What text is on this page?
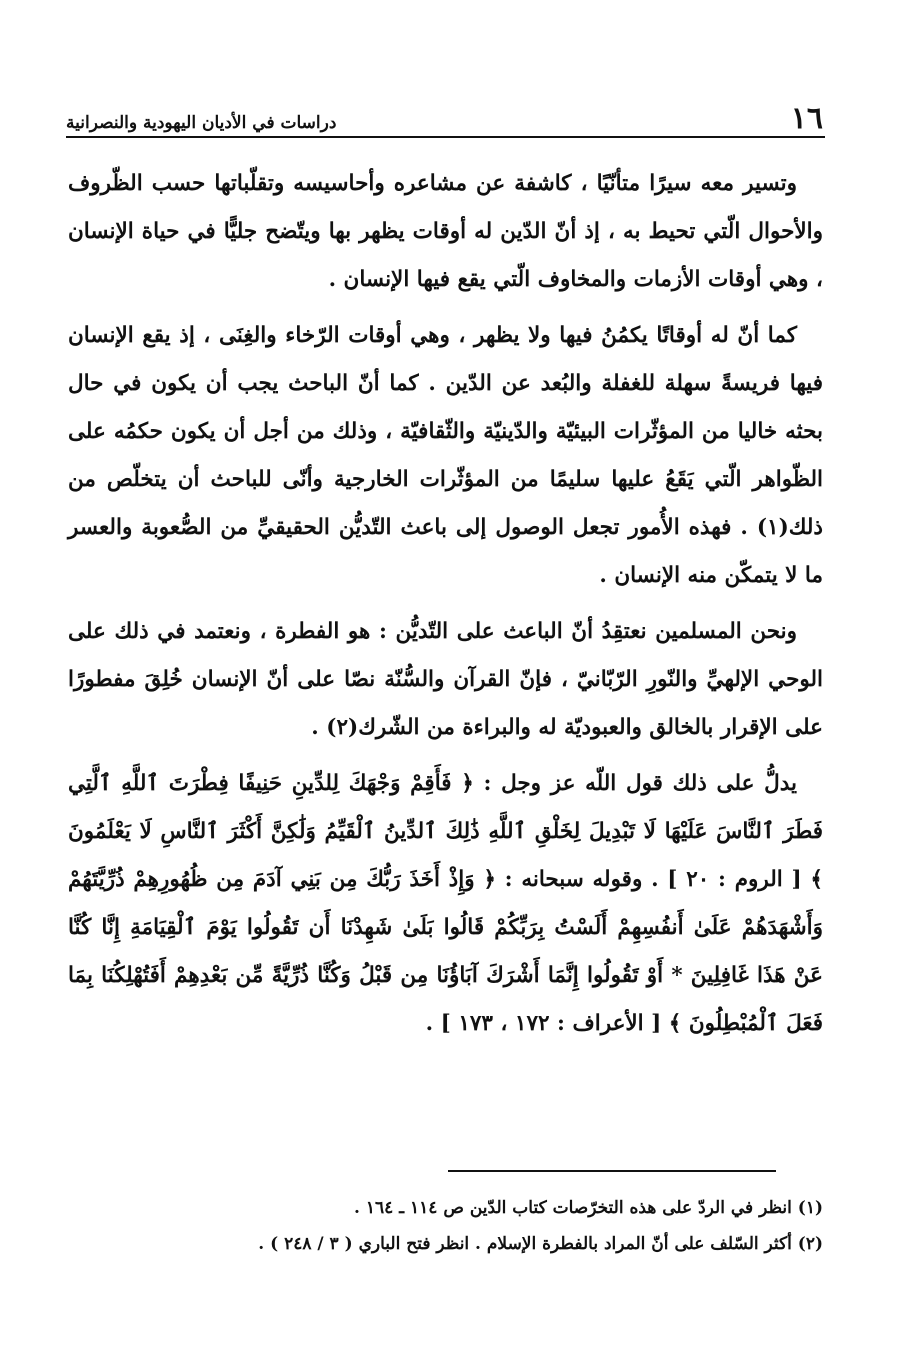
١٦
دراسات في الأديان اليهودية والنصرانية

وتسير معه سيرًا متأنّيًا ، كاشفة عن مشاعره وأحاسيسه وتقلّباتها حسب الظّروف والأحوال الّتي تحيط به ، إذ أنّ الدّين له أوقات يظهر بها ويتّضح جليًّا في حياة الإنسان ، وهي أوقات الأزمات والمخاوف الّتي يقع فيها الإنسان .

كما أنّ له أوقاتًا يكمُنُ فيها ولا يظهر ، وهي أوقات الرّخاء والغِنَى ، إذ يقع الإنسان فيها فريسةً سهلة للغفلة والبُعد عن الدّين . كما أنّ الباحث يجب أن يكون في حال بحثه خاليا من المؤثّرات البيئيّة والدّينيّة والثّقافيّة ، وذلك من أجل أن يكون حكمُه على الظّواهر الّتي يَقَعُ عليها سليمًا من المؤثّرات الخارجية وأنّى للباحث أن يتخلّص من ذلك(١) . فهذه الأُمور تجعل الوصول إلى باعث التّديُّن الحقيقيِّ من الصُّعوبة والعسر ما لا يتمكّن منه الإنسان .

ونحن المسلمين نعتقِدُ أنّ الباعث على التّديُّن : هو الفطرة ، ونعتمد في ذلك على الوحي الإلهيِّ والنّورِ الرّبّانيّ ، فإنّ القرآن والسُّنّة نصّا على أنّ الإنسان خُلِقَ مفطورًا على الإقرار بالخالق والعبوديّة له والبراءة من الشّرك(٢) .

يدلُّ على ذلك قول اللّه عز وجل : ﴿ فَأَقِمْ وَجْهَكَ لِلدِّينِ حَنِيفًا فِطْرَتَ ٱللَّهِ ٱلَّتِي فَطَرَ ٱلنَّاسَ عَلَيْهَا لَا تَبْدِيلَ لِخَلْقِ ٱللَّهِ ذَٰلِكَ ٱلدِّينُ ٱلْقَيِّمُ وَلَٰكِنَّ أَكْثَرَ ٱلنَّاسِ لَا يَعْلَمُونَ ﴾ [ الروم : ٢٠ ] . وقوله سبحانه : ﴿ وَإِذْ أَخَذَ رَبُّكَ مِن بَنِي آدَمَ مِن ظُهُورِهِمْ ذُرِّيَّتَهُمْ وَأَشْهَدَهُمْ عَلَىٰ أَنفُسِهِمْ أَلَسْتُ بِرَبِّكُمْ قَالُوا بَلَىٰ شَهِدْنَا أَن تَقُولُوا يَوْمَ ٱلْقِيَامَةِ إِنَّا كُنَّا عَنْ هَذَا غَافِلِينَ * أَوْ تَقُولُوا إِنَّمَا أَشْرَكَ آبَاؤُنَا مِن قَبْلُ وَكُنَّا ذُرِّيَّةً مِّن بَعْدِهِمْ أَفَتُهْلِكُنَا بِمَا فَعَلَ ٱلْمُبْطِلُونَ ﴾ [ الأعراف : ١٧٢ ، ١٧٣ ] .

(١) انظر في الردّ على هذه التخرّصات كتاب الدّين ص ١١٤ ـ ١٦٤ .
(٢) أكثر السّلف على أنّ المراد بالفطرة الإسلام . انظر فتح الباري ( ٣ / ٢٤٨ ) .
